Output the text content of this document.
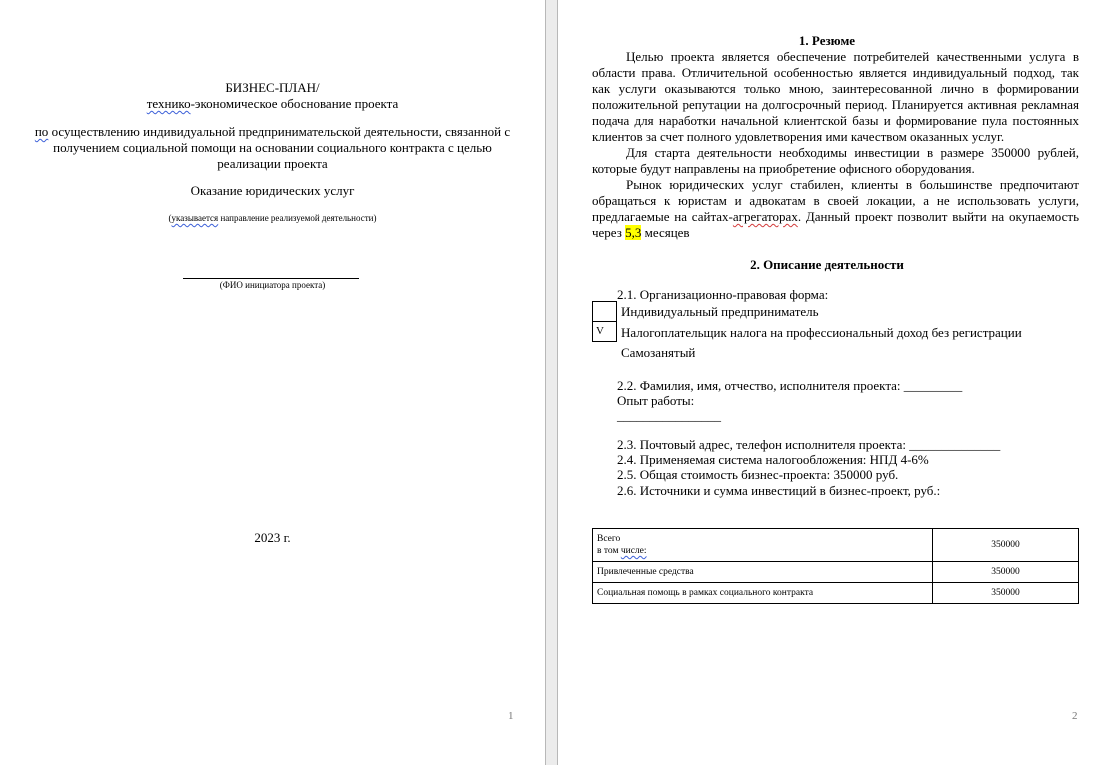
БИЗНЕС-ПЛАН/
технико-экономическое обоснование проекта
по осуществлению индивидуальной предпринимательской деятельности, связанной с
получением социальной помощи на основании социального контракта с целью
реализации проекта
Оказание юридических услуг
(указывается направление реализуемой деятельности)
(ФИО инициатора проекта)
2023 г.
1
1. Резюме
Целью проекта является обеспечение потребителей качественными услуга в области права. Отличительной особенностью является индивидуальный подход, так как услуги оказываются только мною, заинтересованной лично в формировании положительной репутации на долгосрочный период. Планируется активная рекламная подача для наработки начальной клиентской базы и формирование пула постоянных клиентов за счет полного удовлетворения ими качеством оказанных услуг.
Для старта деятельности необходимы инвестиции в размере 350000 рублей, которые будут направлены на приобретение офисного оборудования.
Рынок юридических услуг стабилен, клиенты в большинстве предпочитают обращаться к юристам и адвокатам в своей локации, а не использовать услуги, предлагаемые на сайтах-агрегаторах. Данный проект позволит выйти на окупаемость через 5,3 месяцев
2. Описание деятельности
2.1. Организационно-правовая форма:
Индивидуальный предприниматель
V	Налогоплательщик налога на профессиональный доход без регистрации
Самозанятый
2.2. Фамилия, имя, отчество, исполнителя проекта: _________
Опыт работы:
________________
2.3. Почтовый адрес, телефон исполнителя проекта: ______________
2.4. Применяемая система налогообложения: НПД 4-6%
2.5. Общая стоимость бизнес-проекта: 350000 руб.
2.6. Источники и сумма инвестиций в бизнес-проект, руб.:
Всего
в том числе:	350000
Привлеченные средства	350000
Социальная помощь в рамках социального контракта	350000
2
